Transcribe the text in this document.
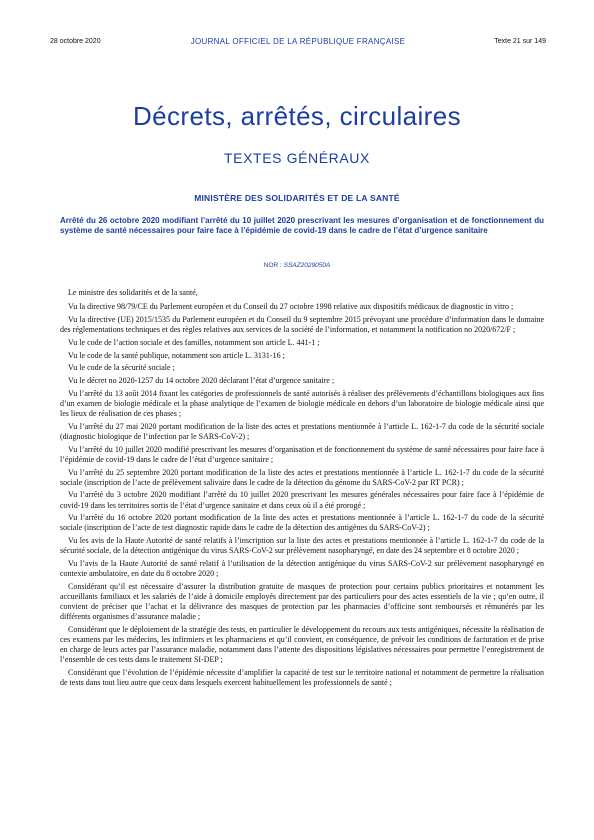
28 octobre 2020	JOURNAL OFFICIEL DE LA RÉPUBLIQUE FRANÇAISE	Texte 21 sur 149
Décrets, arrêtés, circulaires
TEXTES GÉNÉRAUX
MINISTÈRE DES SOLIDARITÉS ET DE LA SANTÉ
Arrêté du 26 octobre 2020 modifiant l’arrêté du 10 juillet 2020 prescrivant les mesures d’organisation et de fonctionnement du système de santé nécessaires pour faire face à l’épidémie de covid-19 dans le cadre de l’état d’urgence sanitaire
NOR : SSAZ2029050A

Le ministre des solidarités et de la santé,

Vu la directive 98/79/CE du Parlement européen et du Conseil du 27 octobre 1998 relative aux dispositifs médicaux de diagnostic in vitro ;

Vu la directive (UE) 2015/1535 du Parlement européen et du Conseil du 9 septembre 2015 prévoyant une procédure d’information dans le domaine des réglementations techniques et des règles relatives aux services de la société de l’information, et notamment la notification no 2020/672/F ;

Vu le code de l’action sociale et des familles, notamment son article L. 441-1 ;

Vu le code de la santé publique, notamment son article L. 3131-16 ;

Vu le code de la sécurité sociale ;

Vu le décret no 2020-1257 du 14 octobre 2020 déclarant l’état d’urgence sanitaire ;

Vu l’arrêté du 13 août 2014 fixant les catégories de professionnels de santé autorisés à réaliser des prélèvements d’échantillons biologiques aux fins d’un examen de biologie médicale et la phase analytique de l’examen de biologie médicale en dehors d’un laboratoire de biologie médicale ainsi que les lieux de réalisation de ces phases ;

Vu l’arrêté du 27 mai 2020 portant modification de la liste des actes et prestations mentionnée à l’article L. 162-1-7 du code de la sécurité sociale (diagnostic biologique de l’infection par le SARS-CoV-2) ;

Vu l’arrêté du 10 juillet 2020 modifié prescrivant les mesures d’organisation et de fonctionnement du système de santé nécessaires pour faire face à l’épidémie de covid-19 dans le cadre de l’état d’urgence sanitaire ;

Vu l’arrêté du 25 septembre 2020 portant modification de la liste des actes et prestations mentionnée à l’article L. 162-1-7 du code de la sécurité sociale (inscription de l’acte de prélèvement salivaire dans le cadre de la détection du génome du SARS-CoV-2 par RT PCR) ;

Vu l’arrêté du 3 octobre 2020 modifiant l’arrêté du 10 juillet 2020 prescrivant les mesures générales nécessaires pour faire face à l’épidémie de covid-19 dans les territoires sortis de l’état d’urgence sanitaire et dans ceux où il a été prorogé ;

Vu l’arrêté du 16 octobre 2020 portant modification de la liste des actes et prestations mentionnée à l’article L. 162-1-7 du code de la sécurité sociale (inscription de l’acte de test diagnostic rapide dans le cadre de la détection des antigènes du SARS-CoV-2) ;

Vu les avis de la Haute Autorité de santé relatifs à l’inscription sur la liste des actes et prestations mentionnée à l’article L. 162-1-7 du code de la sécurité sociale, de la détection antigénique du virus SARS-CoV-2 sur prélèvement nasopharyngé, en date des 24 septembre et 8 octobre 2020 ;

Vu l’avis de la Haute Autorité de santé relatif à l’utilisation de la détection antigénique du virus SARS-CoV-2 sur prélèvement nasopharyngé en contexte ambulatoire, en date du 8 octobre 2020 ;

Considérant qu’il est nécessaire d’assurer la distribution gratuite de masques de protection pour certains publics prioritaires et notamment les accueillants familiaux et les salariés de l’aide à domicile employés directement par des particuliers pour des actes essentiels de la vie ; qu’en outre, il convient de préciser que l’achat et la délivrance des masques de protection par les pharmacies d’officine sont remboursés et rémunérés par les différents organismes d’assurance maladie ;

Considérant que le déploiement de la stratégie des tests, en particulier le développement du recours aux tests antigéniques, nécessite la réalisation de ces examens par les médecins, les infirmiers et les pharmaciens et qu’il convient, en conséquence, de prévoir les conditions de facturation et de prise en charge de leurs actes par l’assurance maladie, notamment dans l’attente des dispositions législatives nécessaires pour permettre l’enregistrement de l’ensemble de ces tests dans le traitement SI-DEP ;

Considérant que l’évolution de l’épidémie nécessite d’amplifier la capacité de test sur le territoire national et notamment de permettre la réalisation de tests dans tout lieu autre que ceux dans lesquels exercent habituellement les professionnels de santé ;
